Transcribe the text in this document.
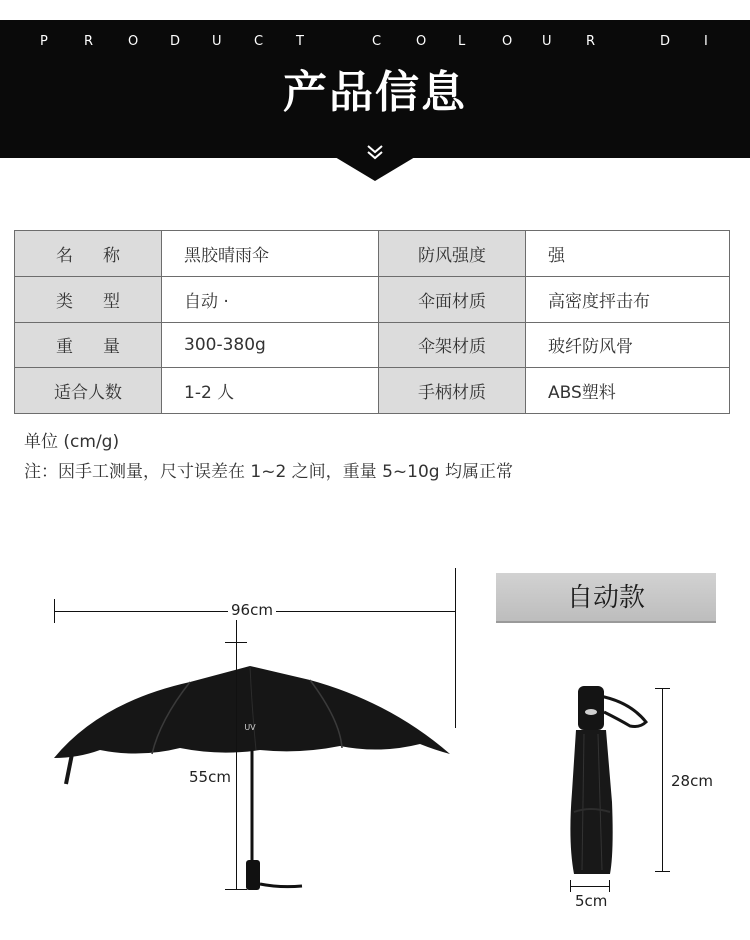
P	R	O D U C	T	C	O L	O U	R	D	I
产品信息
名称	黑胶晴雨伞	防风强度	强
类型	自动 ·	伞面材质	高密度抨击布
重量	300-380g	伞架材质	玻纤防风骨
适合人数	1-2 人	手柄材质	ABS塑料
单位 (cm/g)
注：因手工测量，尺寸误差在 1~2 之间，重量 5~10g 均属正常
UV
96cm
55cm
自动款
28cm
5cm
